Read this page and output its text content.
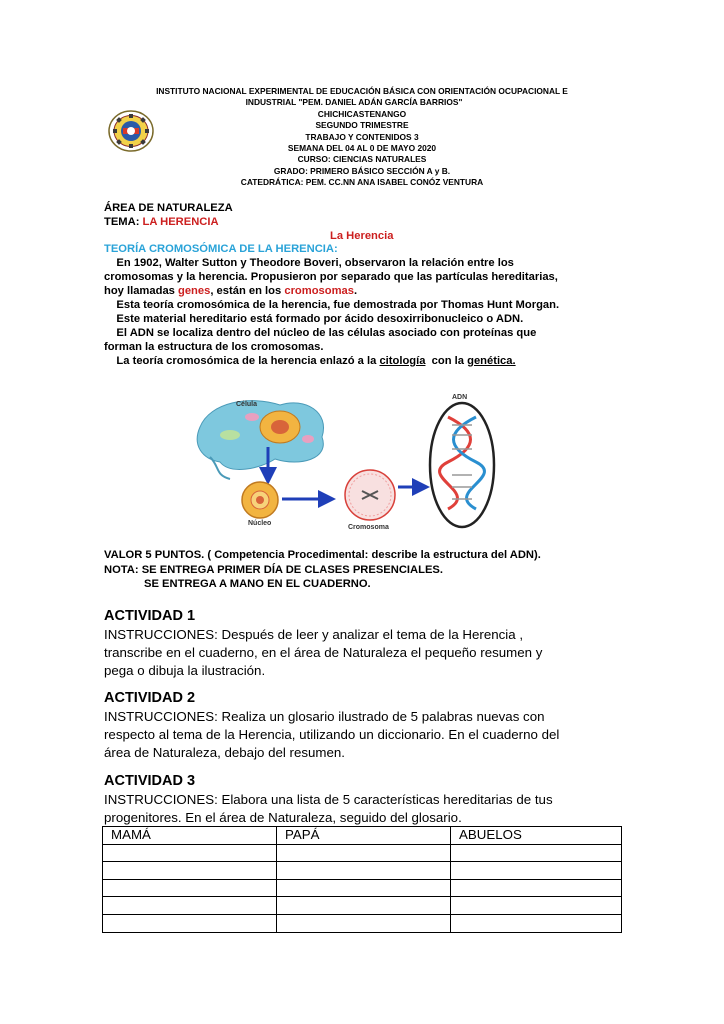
INSTITUTO NACIONAL EXPERIMENTAL DE EDUCACIÓN BÁSICA CON ORIENTACIÓN OCUPACIONAL E
INDUSTRIAL "PEM. DANIEL ADÁN GARCÍA BARRIOS"
CHICHICASTENANGO
SEGUNDO TRIMESTRE
TRABAJO Y CONTENIDOS 3
SEMANA DEL 04 AL 0 DE MAYO 2020
CURSO: CIENCIAS NATURALES
GRADO: PRIMERO BÁSICO SECCIÓN A y B.
CATEDRÁTICA: PEM. CC.NN ANA ISABEL CONÓZ VENTURA
ÁREA DE NATURALEZA
TEMA: LA HERENCIA
La Herencia
TEORÍA CROMOSÓMICA DE LA HERENCIA:
En 1902, Walter Sutton y Theodore Boveri, observaron la relación entre los
cromosomas y la herencia. Propusieron por separado que las partículas hereditarias,
hoy llamadas genes, están en los cromosomas.
Esta teoría cromosómica de la herencia, fue demostrada por Thomas Hunt Morgan.
Este material hereditario está formado por ácido desoxirribonucleico o ADN.
El ADN se localiza dentro del núcleo de las células asociado con proteínas que
forman la estructura de los cromosomas.
La teoría cromosómica de la herencia enlazó a la citología  con la genética.
Célula
Núcleo
Cromosoma
ADN
VALOR 5 PUNTOS. ( Competencia Procedimental: describe la estructura del ADN).
NOTA: SE ENTREGA PRIMER DÍA DE CLASES PRESENCIALES.
SE ENTREGA A MANO EN EL CUADERNO.
ACTIVIDAD 1
INSTRUCCIONES: Después de leer y analizar el tema de la Herencia ,
transcribe en el cuaderno, en el área de Naturaleza el pequeño resumen y
pega o dibuja la ilustración.
ACTIVIDAD 2
INSTRUCCIONES: Realiza un glosario ilustrado de 5 palabras nuevas con
respecto al tema de la Herencia, utilizando un diccionario. En el cuaderno del
área de Naturaleza, debajo del resumen.
ACTIVIDAD 3
INSTRUCCIONES: Elabora una lista de 5 características hereditarias de tus
progenitores. En el área de Naturaleza, seguido del glosario.
MAMÁ	PAPÁ	ABUELOS
